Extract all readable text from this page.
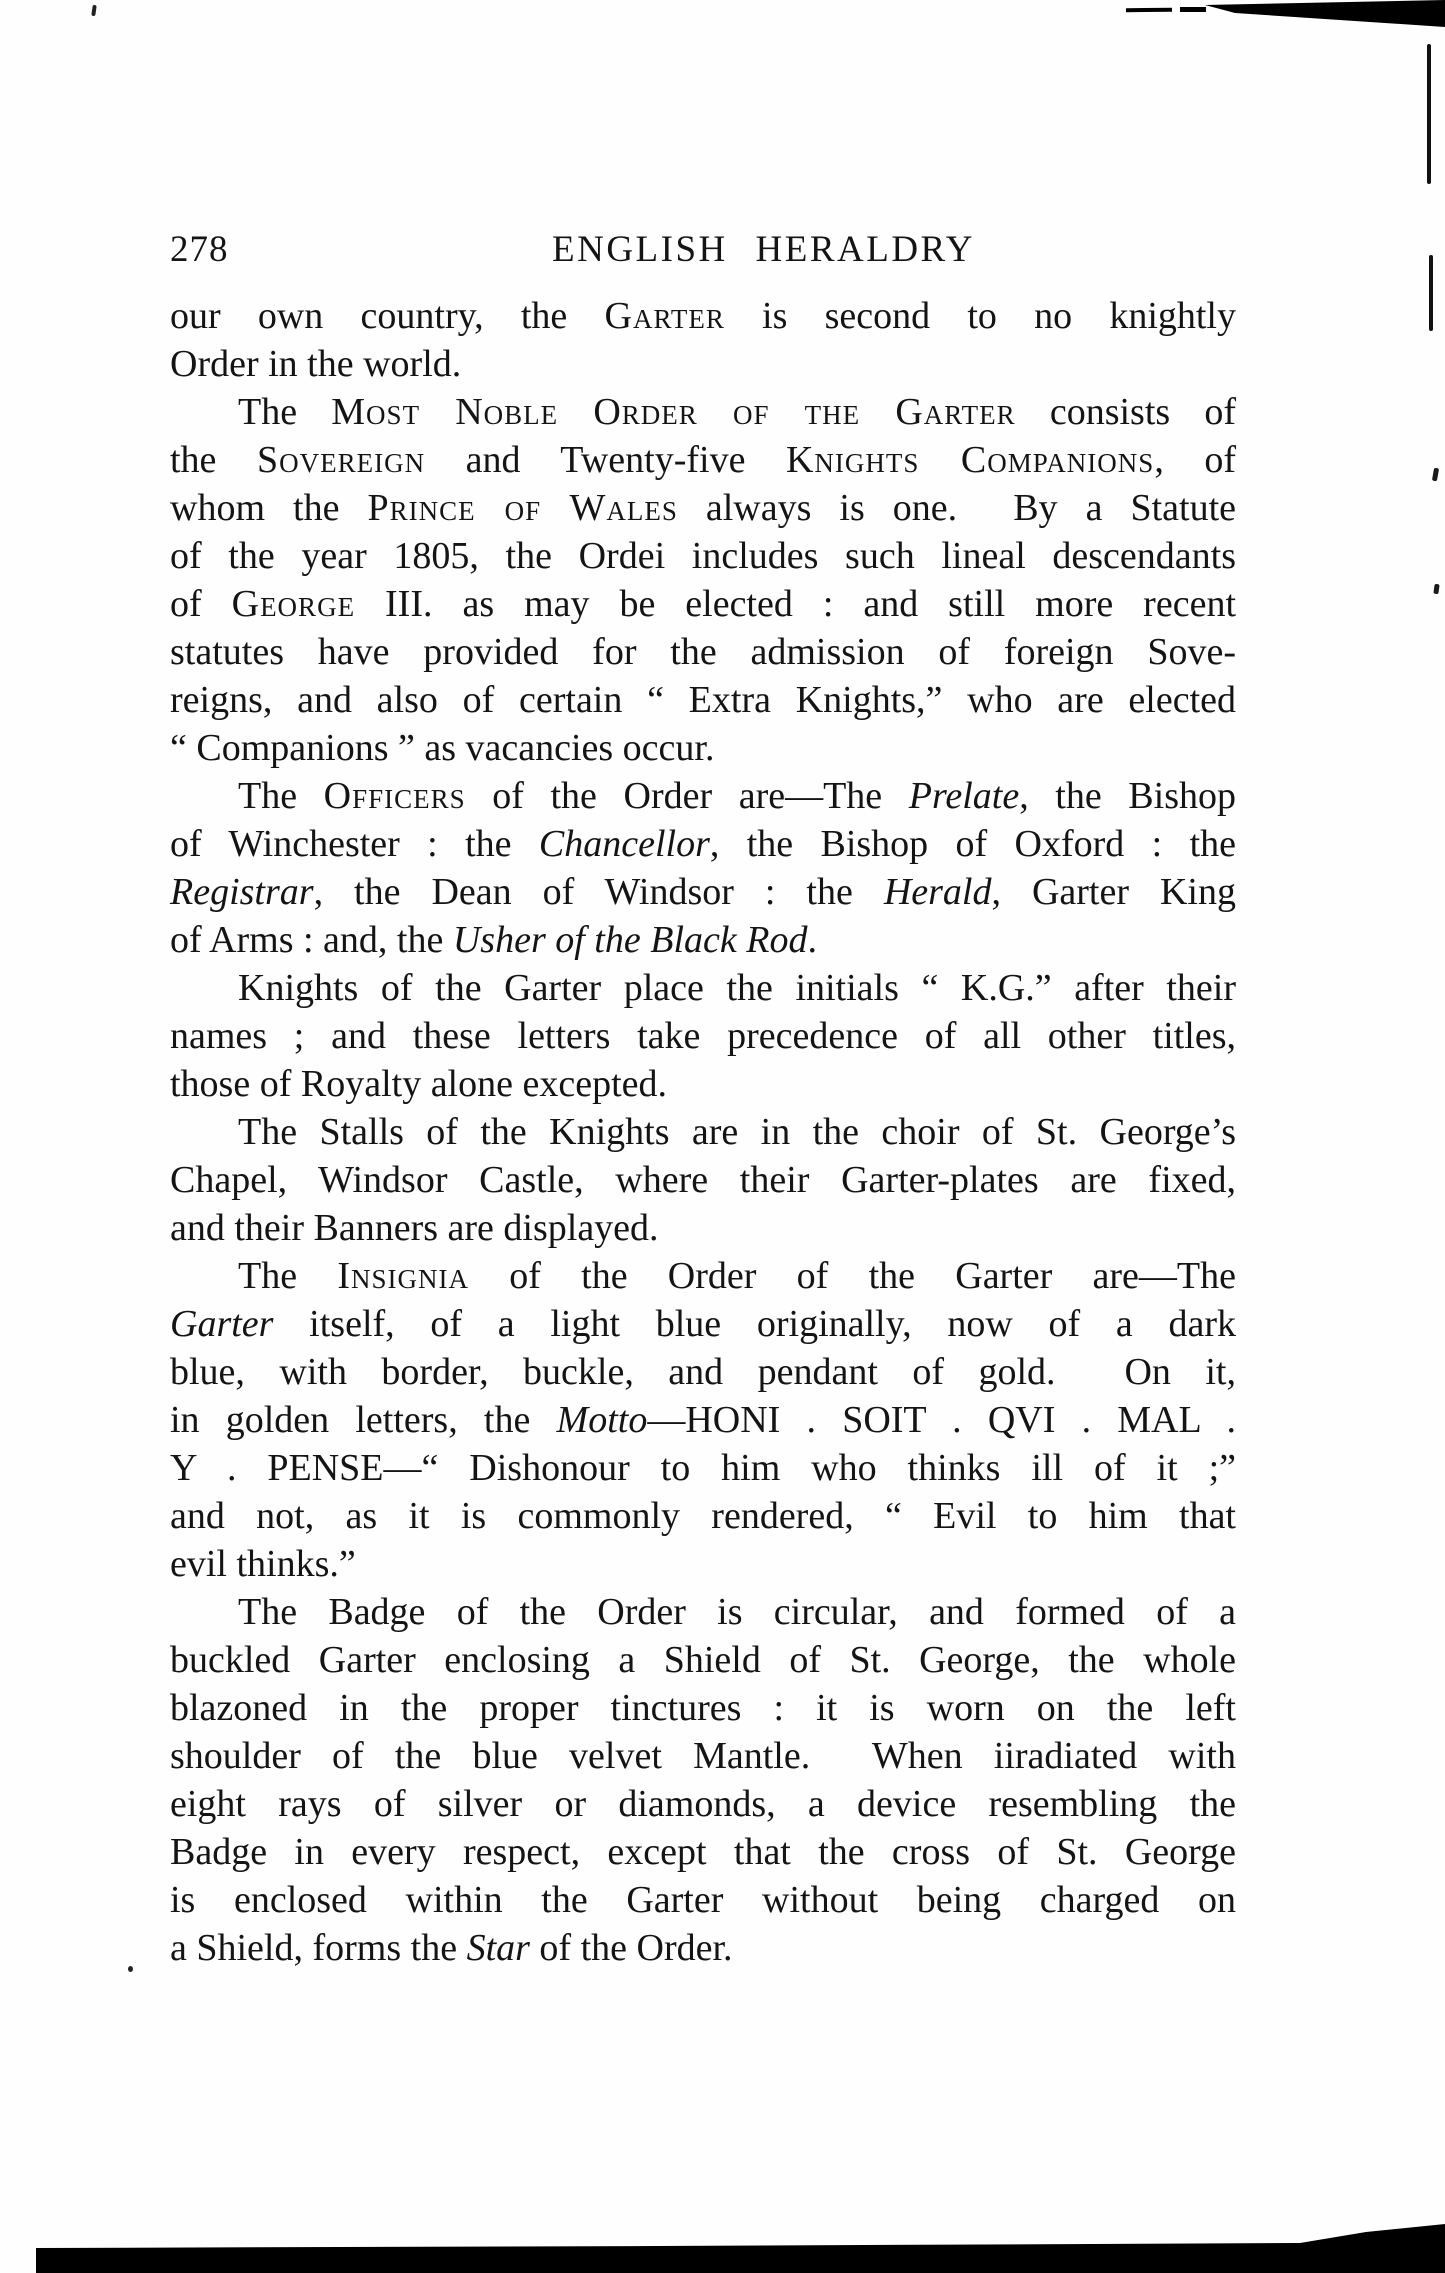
278	ENGLISH HERALDRY
our own country, the Garter is second to no knightly
Order in the world.
The Most Noble Order of the Garter consists of
the Sovereign and Twenty-five Knights Companions, of
whom the Prince of Wales always is one.  By a Statute
of the year 1805, the Ordei includes such lineal descendants
of George III. as may be elected : and still more recent
statutes have provided for the admission of foreign Sove-
reigns, and also of certain “ Extra Knights,” who are elected
“ Companions ” as vacancies occur.
The Officers of the Order are—The Prelate, the Bishop
of Winchester : the Chancellor, the Bishop of Oxford : the
Registrar, the Dean of Windsor : the Herald, Garter King
of Arms : and, the Usher of the Black Rod.
Knights of the Garter place the initials “ K.G.” after their
names ; and these letters take precedence of all other titles,
those of Royalty alone excepted.
The Stalls of the Knights are in the choir of St. George’s
Chapel, Windsor Castle, where their Garter-plates are fixed,
and their Banners are displayed.
The Insignia of the Order of the Garter are—The
Garter itself, of a light blue originally, now of a dark
blue, with border, buckle, and pendant of gold.  On it,
in golden letters, the Motto—HONI . SOIT . QVI . MAL .
Y . PENSE—“ Dishonour to him who thinks ill of it ;”
and not, as it is commonly rendered, “ Evil to him that
evil thinks.”
The Badge of the Order is circular, and formed of a
buckled Garter enclosing a Shield of St. George, the whole
blazoned in the proper tinctures : it is worn on the left
shoulder of the blue velvet Mantle.  When iiradiated with
eight rays of silver or diamonds, a device resembling the
Badge in every respect, except that the cross of St. George
is enclosed within the Garter without being charged on
a Shield, forms the Star of the Order.
